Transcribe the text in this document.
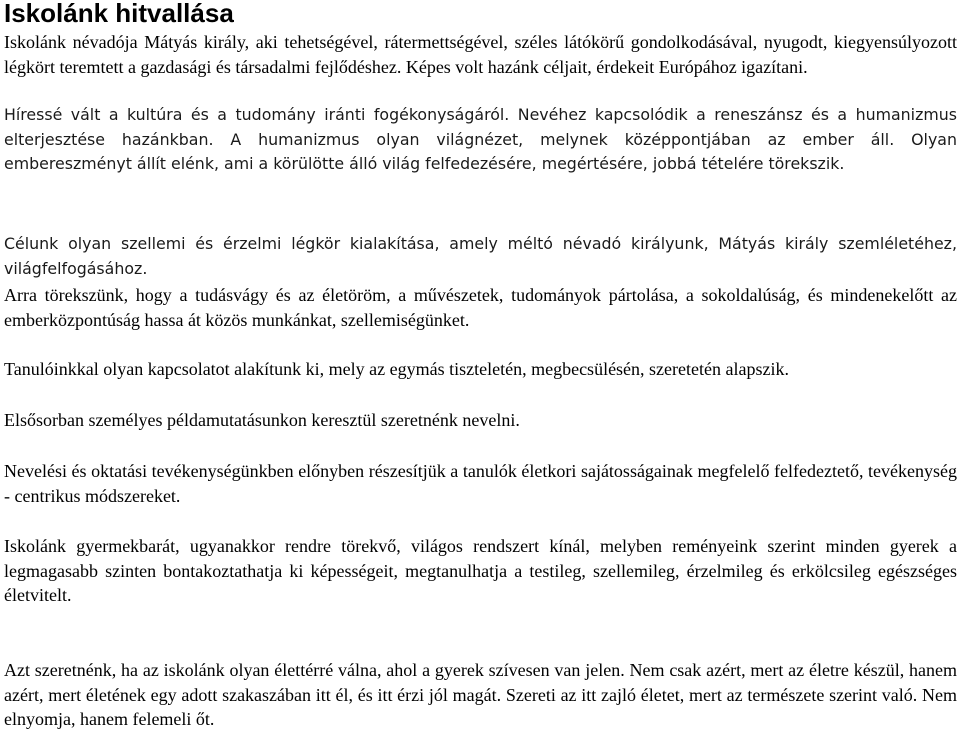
Iskolánk hitvallása

Iskolánk névadója Mátyás király, aki tehetségével, rátermettségével, széles látókörű gondolkodásával, nyugodt, kiegyensúlyozott légkört teremtett a gazdasági és társadalmi fejlődéshez. Képes volt hazánk céljait, érdekeit Európához igazítani.

Híressé vált a kultúra és a tudomány iránti fogékonyságáról. Nevéhez kapcsolódik a reneszánsz és a humanizmus elterjesztése hazánkban. A humanizmus olyan világnézet, melynek középpontjában az ember áll. Olyan embereszményt állít elénk, ami a körülötte álló világ felfedezésére, megértésére, jobbá tételére törekszik.

Célunk olyan szellemi és érzelmi légkör kialakítása, amely méltó névadó királyunk, Mátyás király szemléletéhez, világfelfogásához.

Arra törekszünk, hogy a tudásvágy és az életöröm, a művészetek, tudományok pártolása, a sokoldalúság, és mindenekelőtt az emberközpontúság hassa át közös munkánkat, szellemiségünket.

Tanulóinkkal olyan kapcsolatot alakítunk ki, mely az egymás tiszteletén, megbecsülésén, szeretetén alapszik.

Elsősorban személyes példamutatásunkon keresztül szeretnénk nevelni.

Nevelési és oktatási tevékenységünkben előnyben részesítjük a tanulók életkori sajátosságainak megfelelő felfedeztető, tevékenység - centrikus módszereket.

Iskolánk gyermekbarát, ugyanakkor rendre törekvő, világos rendszert kínál, melyben reményeink szerint minden gyerek a legmagasabb szinten bontakoztathatja ki képességeit, megtanulhatja a testileg, szellemileg, érzelmileg és erkölcsileg egészséges életvitelt.

Azt szeretnénk, ha az iskolánk olyan élettérré válna, ahol a gyerek szívesen van jelen. Nem csak azért, mert az életre készül, hanem azért, mert életének egy adott szakaszában itt él, és itt érzi jól magát. Szereti az itt zajló életet, mert az természete szerint való. Nem elnyomja, hanem felemeli őt.
